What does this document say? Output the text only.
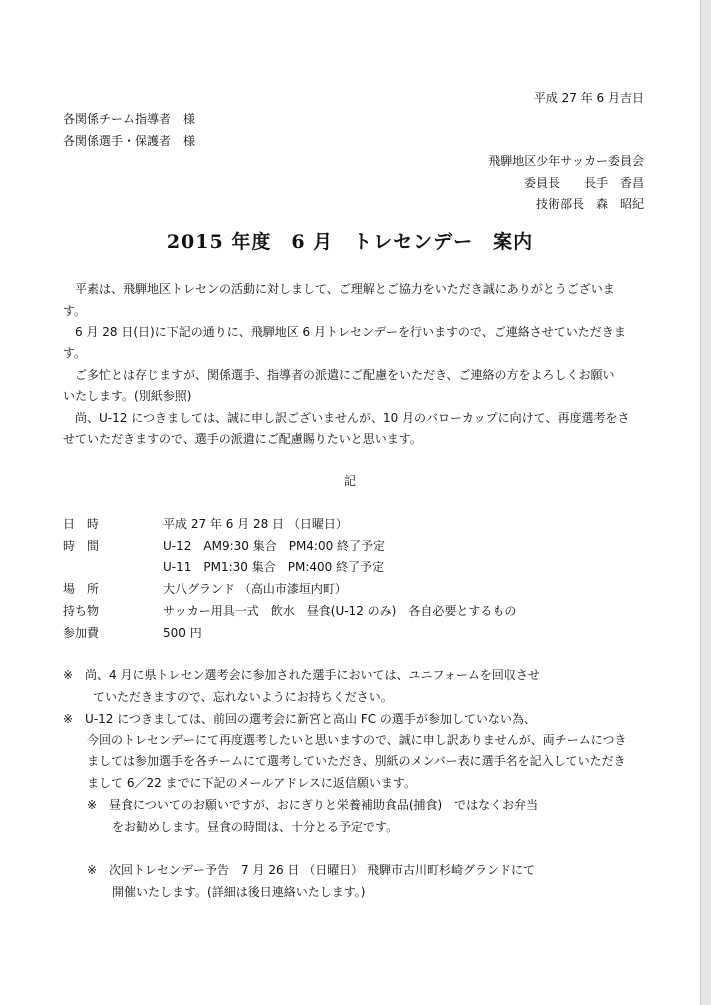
平成 27 年 6 月吉日
各関係チーム指導者　様
各関係選手・保護者　様
飛騨地区少年サッカー委員会
委員長　　長手　香昌
技術部長　森　昭紀
2015 年度　6 月　トレセンデー　案内
　平素は、飛騨地区トレセンの活動に対しまして、ご理解とご協力をいただき誠にありがとうございま
す。
　6 月 28 日(日)に下記の通りに、飛騨地区 6 月トレセンデーを行いますので、ご連絡させていただきま
す。
　ご多忙とは存じますが、関係選手、指導者の派遣にご配慮をいただき、ご連絡の方をよろしくお願い
いたします。(別紙参照)
　尚、U-12 につきましては、誠に申し訳ございませんが、10 月のバローカップに向けて、再度選考をさ
せていただきますので、選手の派遣にご配慮賜りたいと思います。
記
日　時	平成 27 年 6 月 28 日 （日曜日）
時　間	U-12　AM9:30 集合　PM4:00 終了予定
U-11　PM1:30 集合　PM:400 終了予定
場　所	大八グランド （高山市漆垣内町）
持ち物	サッカー用具一式　飲水　昼食(U-12 のみ)　各自必要とするもの
参加費	500 円
※　尚、4 月に県トレセン選考会に参加された選手においては、ユニフォームを回収させ
ていただきますので、忘れないようにお持ちください。
※　U-12 につきましては、前回の選考会に新宮と高山 FC の選手が参加していない為、
今回のトレセンデーにて再度選考したいと思いますので、誠に申し訳ありませんが、両チームにつき
ましては参加選手を各チームにて選考していただき、別紙のメンバー表に選手名を記入していただき
まして 6／22 までに下記のメールアドレスに返信願います。
※　昼食についてのお願いですが、おにぎりと栄養補助食品(捕食)　ではなくお弁当
をお勧めします。昼食の時間は、十分とる予定です。
※　次回トレセンデー予告　7 月 26 日 （日曜日） 飛騨市古川町杉崎グランドにて
開催いたします。(詳細は後日連絡いたします。)
